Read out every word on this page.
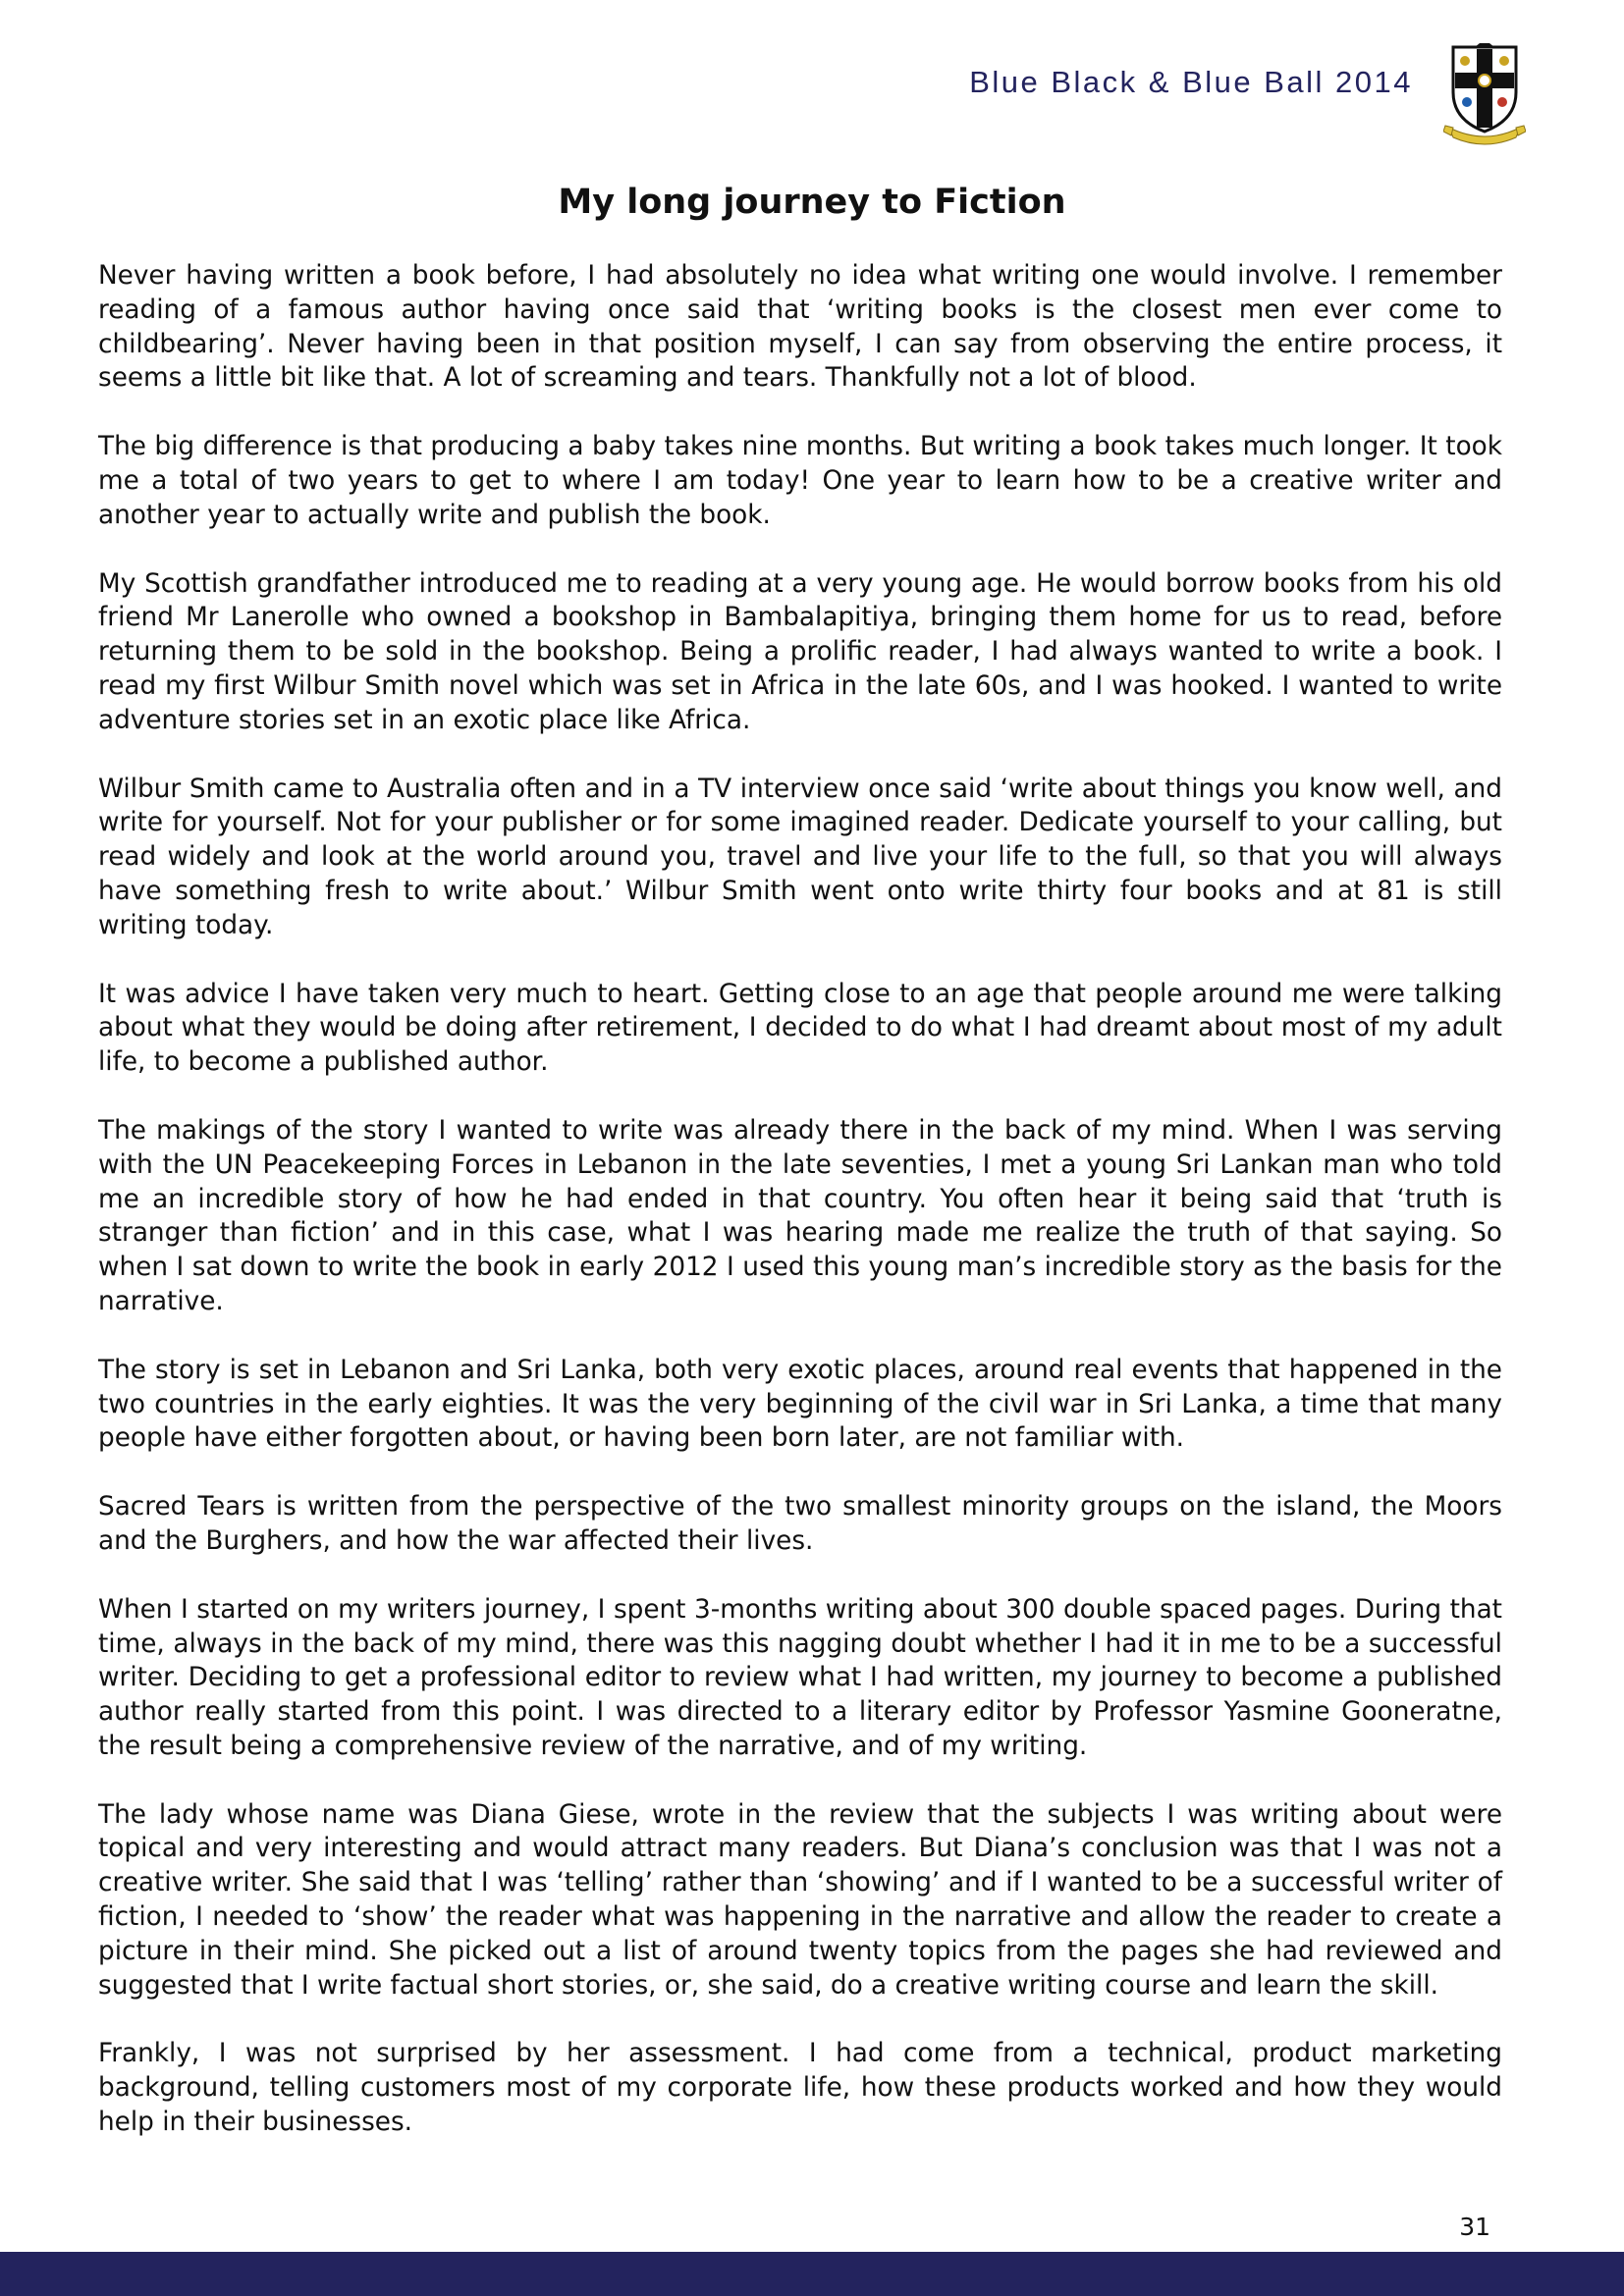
Blue Black & Blue Ball 2014
My long journey to Fiction

Never having written a book before, I had absolutely no idea what writing one would involve. I remember reading of a famous author having once said that ‘writing books is the closest men ever come to childbearing’. Never having been in that position myself, I can say from observing the entire process, it seems a little bit like that. A lot of screaming and tears. Thankfully not a lot of blood.

The big difference is that producing a baby takes nine months. But writing a book takes much longer. It took me a total of two years to get to where I am today! One year to learn how to be a creative writer and another year to actually write and publish the book.

My Scottish grandfather introduced me to reading at a very young age. He would borrow books from his old friend Mr Lanerolle who owned a bookshop in Bambalapitiya, bringing them home for us to read, before returning them to be sold in the bookshop. Being a prolific reader, I had always wanted to write a book. I read my first Wilbur Smith novel which was set in Africa in the late 60s, and I was hooked. I wanted to write adventure stories set in an exotic place like Africa.

Wilbur Smith came to Australia often and in a TV interview once said ‘write about things you know well, and write for yourself. Not for your publisher or for some imagined reader. Dedicate yourself to your calling, but read widely and look at the world around you, travel and live your life to the full, so that you will always have something fresh to write about.’ Wilbur Smith went onto write thirty four books and at 81 is still writing today.

It was advice I have taken very much to heart. Getting close to an age that people around me were talking about what they would be doing after retirement, I decided to do what I had dreamt about most of my adult life, to become a published author.

The makings of the story I wanted to write was already there in the back of my mind. When I was serving with the UN Peacekeeping Forces in Lebanon in the late seventies, I met a young Sri Lankan man who told me an incredible story of how he had ended in that country. You often hear it being said that ‘truth is stranger than fiction’ and in this case, what I was hearing made me realize the truth of that saying. So when I sat down to write the book in early 2012 I used this young man’s incredible story as the basis for the narrative.

The story is set in Lebanon and Sri Lanka, both very exotic places, around real events that happened in the two countries in the early eighties. It was the very beginning of the civil war in Sri Lanka, a time that many people have either forgotten about, or having been born later, are not familiar with.

Sacred Tears is written from the perspective of the two smallest minority groups on the island, the Moors and the Burghers, and how the war affected their lives.

When I started on my writers journey, I spent 3-months writing about 300 double spaced pages. During that time, always in the back of my mind, there was this nagging doubt whether I had it in me to be a successful writer. Deciding to get a professional editor to review what I had written, my journey to become a published author really started from this point. I was directed to a literary editor by Professor Yasmine Gooneratne, the result being a comprehensive review of the narrative, and of my writing.

The lady whose name was Diana Giese, wrote in the review that the subjects I was writing about were topical and very interesting and would attract many readers. But Diana’s conclusion was that I was not a creative writer. She said that I was ‘telling’ rather than ‘showing’ and if I wanted to be a successful writer of fiction, I needed to ‘show’ the reader what was happening in the narrative and allow the reader to create a picture in their mind. She picked out a list of around twenty topics from the pages she had reviewed and suggested that I write factual short stories, or, she said, do a creative writing course and learn the skill.

Frankly, I was not surprised by her assessment. I had come from a technical, product marketing background, telling customers most of my corporate life, how these products worked and how they would help in their businesses.

31
